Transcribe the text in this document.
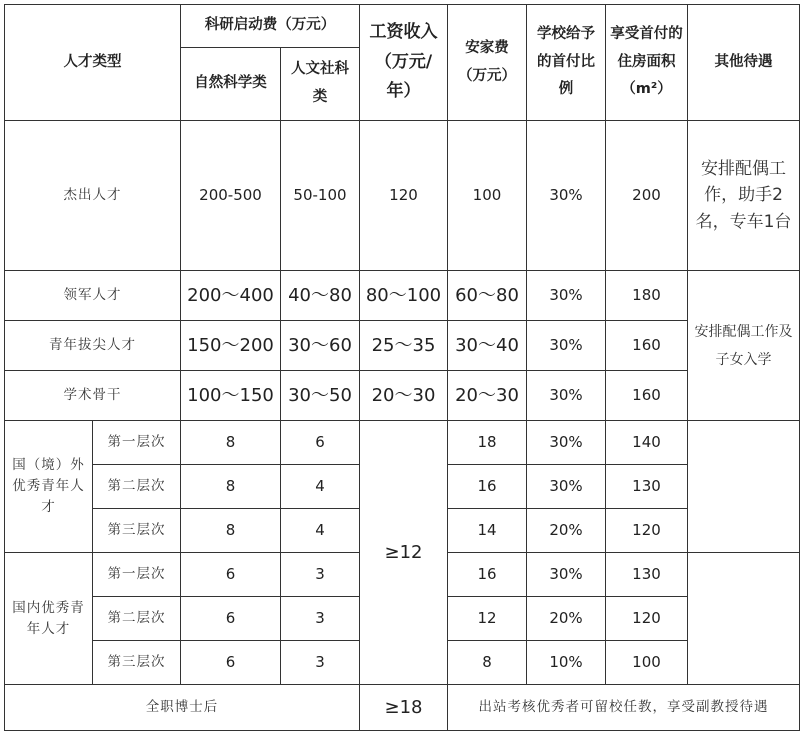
人才类型		科研启动费（万元）		工资收入（万元/年）	安家费（万元）	学校给予的首付比例	享受首付的住房面积（m²）	其他待遇
		自然科学类	人文社科类					
杰出人才		200-500	50-100	120	100	30%	200	安排配偶工作，助手2名，专车1台
领军人才		200～400	40～80	80～100	60～80	30%	180	安排配偶工作及子女入学
青年拔尖人才		150～200	30～60	25～35	30～40	30%	160	
学术骨干		100～150	30～50	20～30	20～30	30%	160	
国（境）外优秀青年人才	第一层次	8	6	≥12	18	30%	140	
	第二层次	8	4		16	30%	130	
	第三层次	8	4		14	20%	120	
国内优秀青年人才	第一层次	6	3		16	30%	130	
	第二层次	6	3		12	20%	120	
	第三层次	6	3		8	10%	100	
全职博士后				≥18	出站考核优秀者可留校任教，享受副教授待遇			
